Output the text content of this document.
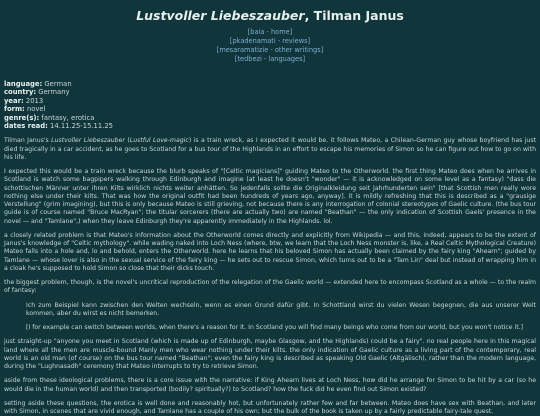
Lustvoller Liebeszauber, Tilman Janus
[baia - home]
[pkadenamati - reviews]
[mesaramatizie - other writings]
[tedbezi - languages]
language: German
country: Germany
year: 2013
form: novel
genre(s): fantasy, erotica
dates read: 14.11.25-15.11.25

Tilman Janus's Lustvoller Liebeszauber (Lustful Love-magic) is a train wreck, as I expected it would be. it follows Mateo, a Chilean-German guy whose boyfriend has just died tragically in a car accident, as he goes to Scotland for a bus tour of the Highlands in an effort to escape his memories of Simon so he can figure out how to go on with his life.

I expected this would be a train wreck because the blurb speaks of "[Celtic magicians]" guiding Mateo to the Otherworld. the first thing Mateo does when he arrives in Scotland is watch some bagpipers walking through Edinburgh and imagine (at least he doesn't "wonder" — it is acknowledged on some level as a fantasy) "dass die schottischen Männer unter ihren Kilts wirklich nichts weiter anhätten. So jedenfalls sollte die Originalkleidung seit Jahrhunderten sein" [that Scottish men really wore nothing else under their kilts. That was how the original outfit had been hundreds of years ago, anyway]. it is mildly refreshing that this is described as a "grausige Verstellung" (grim imagining), but this is only because Mateo is still grieving, not because there is any interrogation of colonial stereotypes of Gaelic culture. (the bus tour guide is of course named "Bruce MacRyan"; the titular sorcerers (there are actually two) are named "Beathan" — the only indication of Scottish Gaels' presence in the novel — and "Tamlane",) when they leave Edinburgh they're apparently immediately in the Highlands. lol.

a closely related problem is that Mateo's information about the Otherworld comes directly and explicitly from Wikipedia — and this, indeed, appears to be the extent of Janus's knowledge of "Celtic mythology". while wading naked into Loch Ness (where, btw, we learn that the Loch Ness monster is, like, a Real Celtic Mythological Creature) Mateo falls into a hole and, lo and behold, enters the Otherworld. here he learns that his beloved Simon has actually been claimed by the fairy king "Ahearn"; guided by Tamlane — whose lover is also in the sexual service of the fairy king — he sets out to rescue Simon, which turns out to be a "Tam Lin" deal but instead of wrapping him in a cloak he's supposed to hold Simon so close that their dicks touch.

the biggest problem, though, is the novel's uncritical reproduction of the relegation of the Gaelic world — extended here to encompass Scotland as a whole — to the realm of fantasy:

Ich zum Beispiel kann zwischen den Welten wechseln, wenn es einen Grund dafür gibt. In Schottland wirst du vielen Wesen begegnen, die aus unserer Welt kommen, aber du wirst es nicht bemerken.
[I for example can switch between worlds, when there's a reason for it. In Scotland you will find many beings who come from our world, but you won't notice it.]

just straight-up "anyone you meet in Scotland (which is made up of Edinburgh, maybe Glasgow, and the Highlands) could be a fairy". no real people here in this magical land where all the men are muscle-bound Manly men who wear nothing under their kilts. the only indication of Gaelic culture as a living part of the contemporary, real world is an old man (of course) on the bus tour named "Beathan"; even the fairy king is described as speaking Old Gaelic (Altgälisch), rather than the modern language, during the "Lughnasadh" ceremony that Mateo interrupts to try to retrieve Simon.

aside from these ideological problems, there is a core issue with the narrative: if King Ahearn lives at Loch Ness, how did he arrange for Simon to be hit by a car (so he would die in the human world) and then transported (bodily? spiritually?) to Scotland? how the fuck did he even find out Simon existed?

setting aside these questions, the erotica is well done and reasonably hot, but unfortunately rather few and far between. Mateo does have sex with Beathan, and later with Simon, in scenes that are vivid enough, and Tamlane has a couple of his own; but the bulk of the book is taken up by a fairly predictable fairy-tale quest.
